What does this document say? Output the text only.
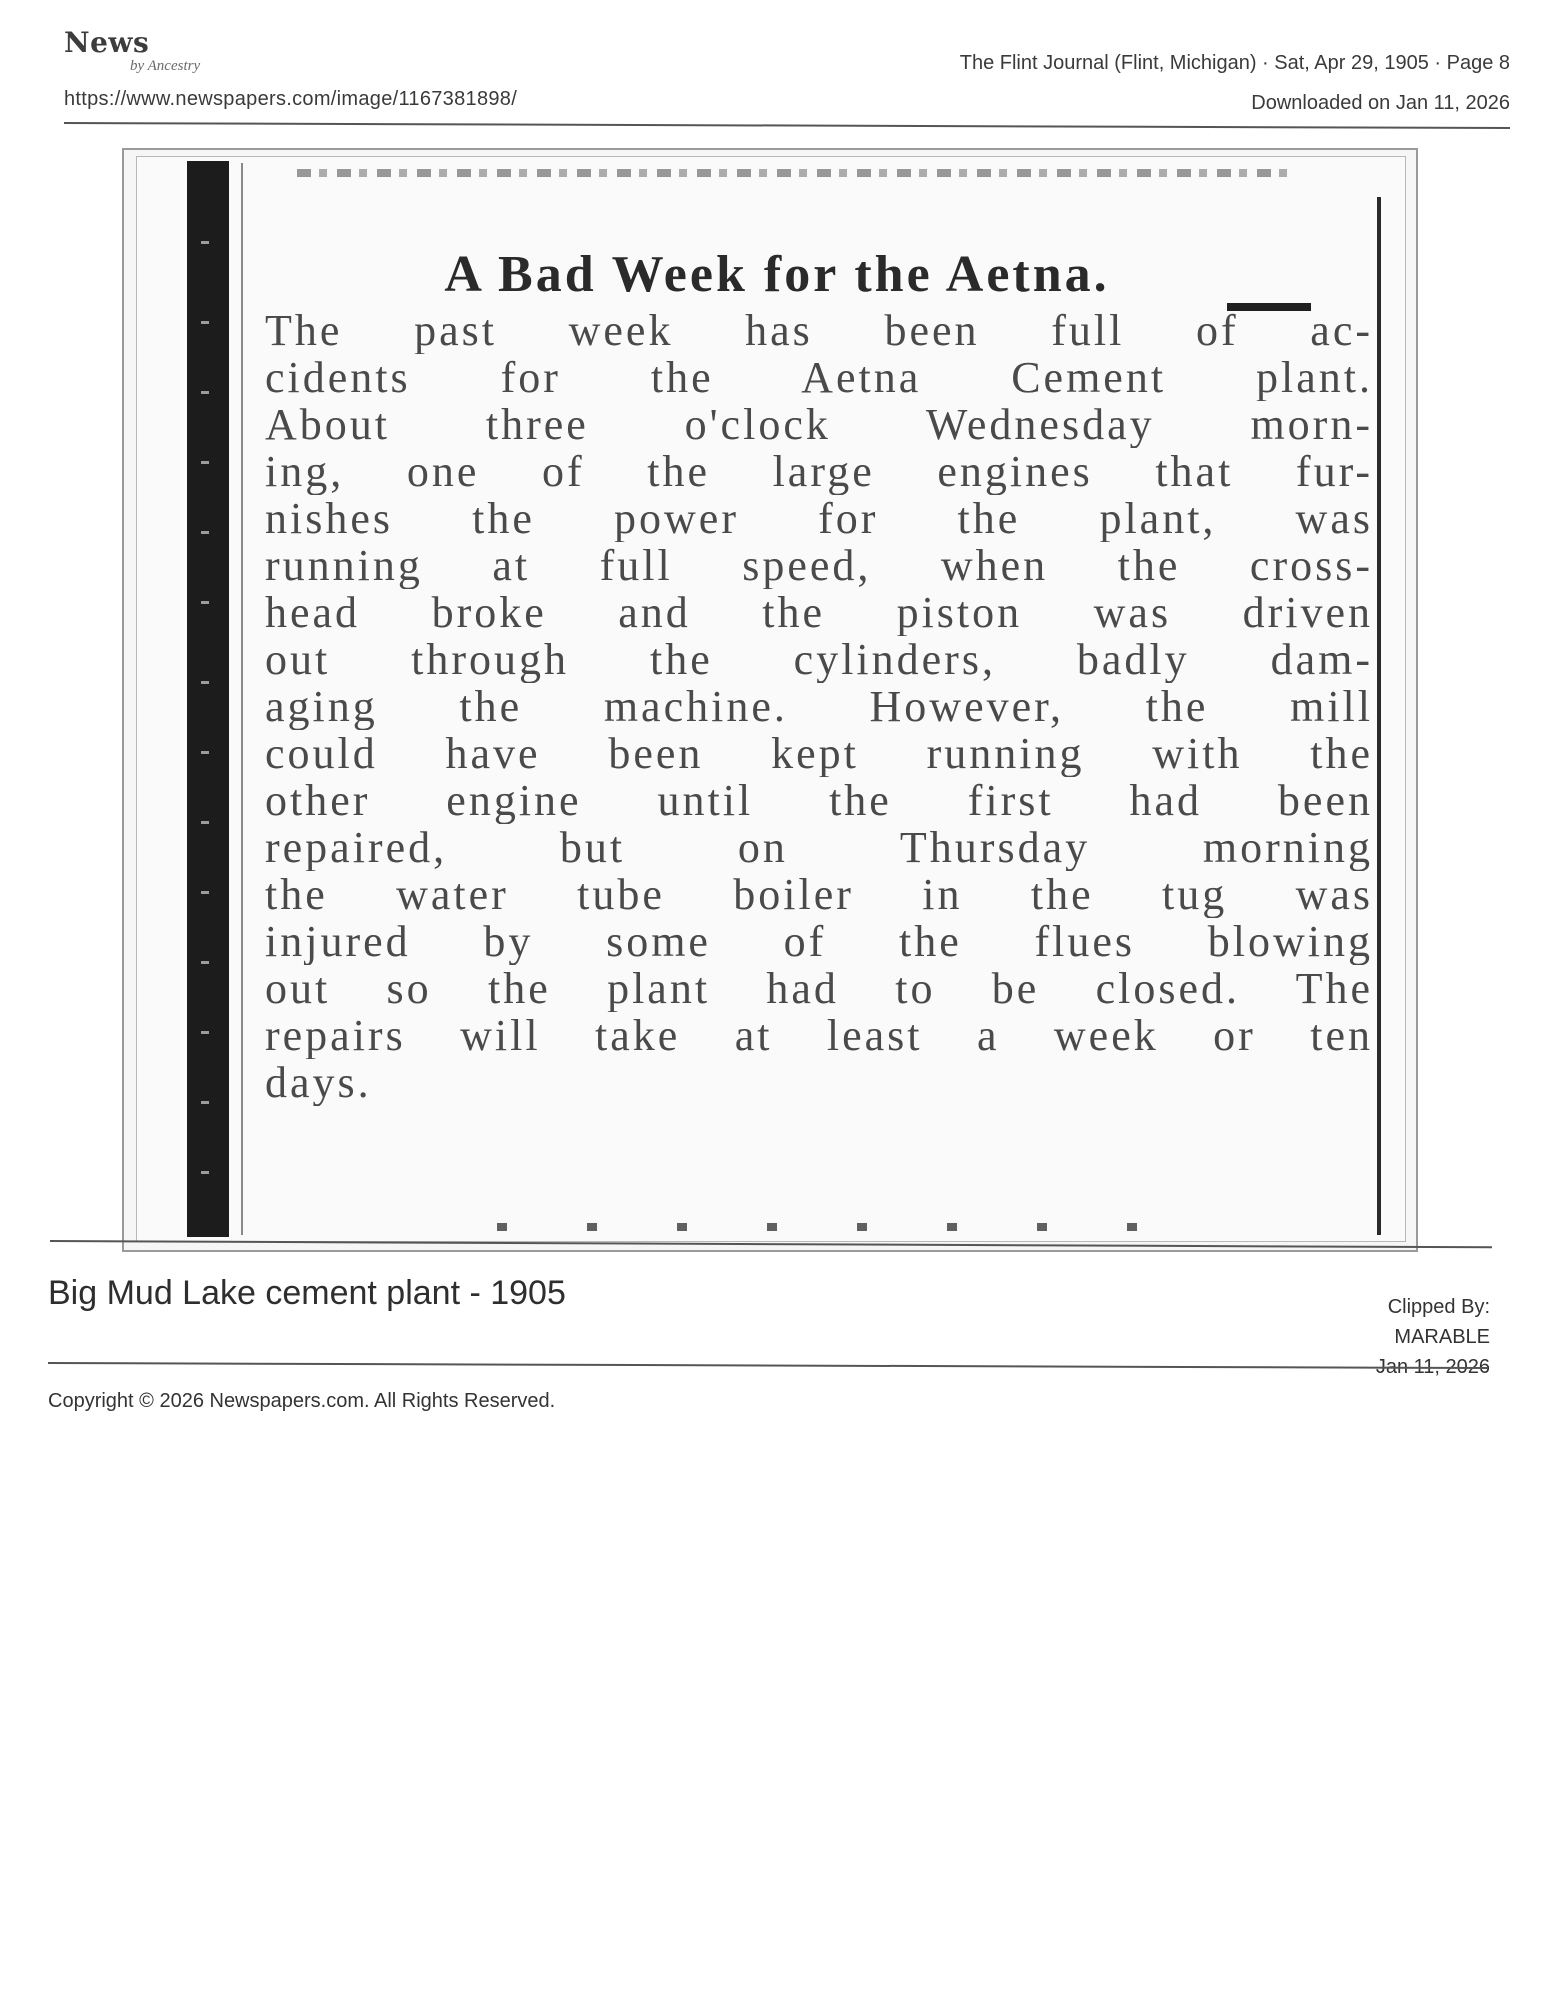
News
by Ancestry
https://www.newspapers.com/image/1167381898/
The Flint Journal (Flint, Michigan) · Sat, Apr 29, 1905 · Page 8
Downloaded on Jan 11, 2026
A Bad Week for the Aetna.
The past week has been full of ac-
cidents for the Aetna Cement plant.
About three o'clock Wednesday morn-
ing, one of the large engines that fur-
nishes the power for the plant, was
running at full speed, when the cross-
head broke and the piston was driven
out through the cylinders, badly dam-
aging the machine. However, the mill
could have been kept running with the
other engine until the first had been
repaired, but on Thursday morning
the water tube boiler in the tug was
injured by some of the flues blowing
out so the plant had to be closed. The
repairs will take at least a week or ten
days.
Big Mud Lake cement plant - 1905	Clipped By:
MARABLE
Jan 11, 2026
Copyright © 2026 Newspapers.com. All Rights Reserved.
